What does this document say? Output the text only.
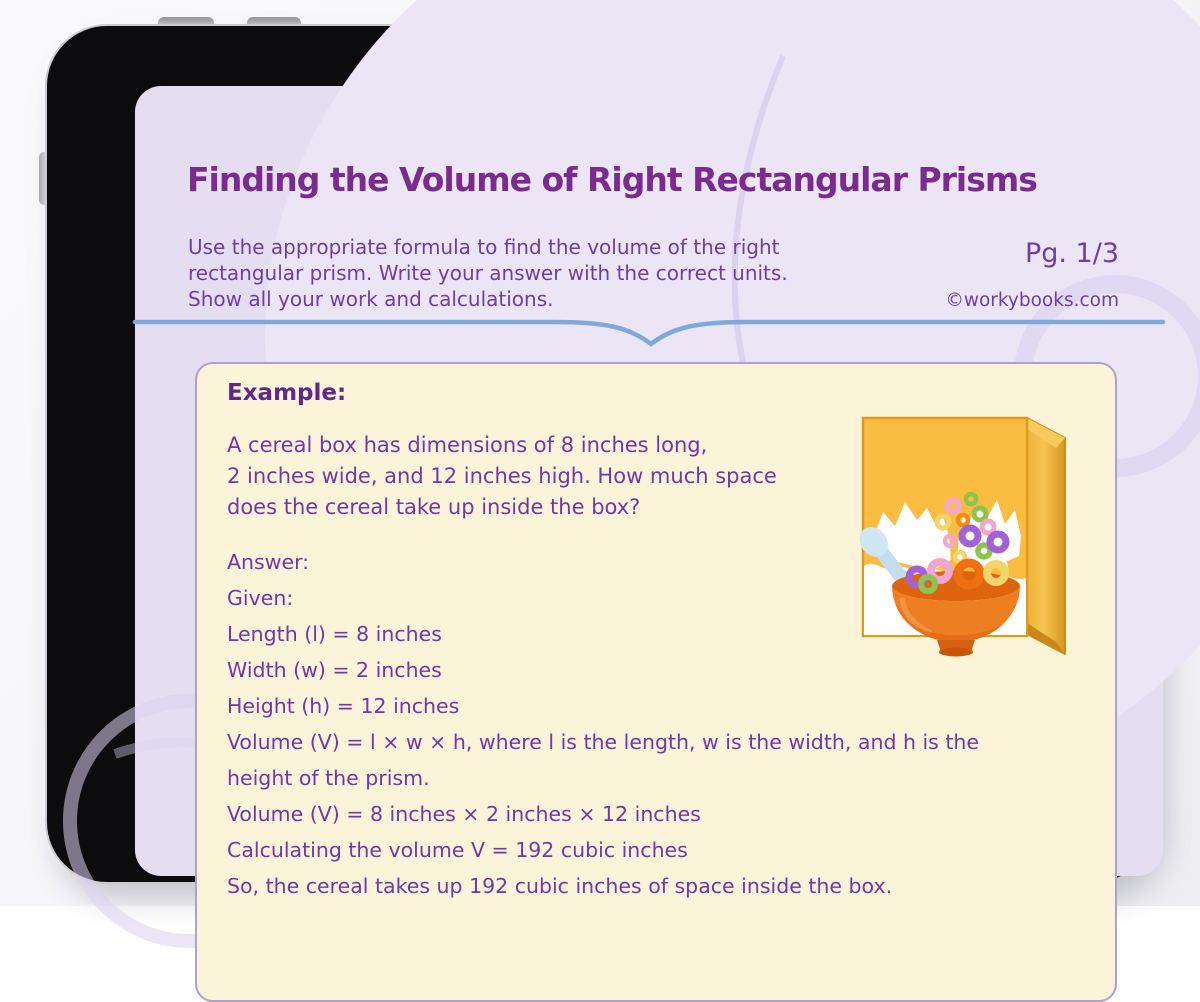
Finding the Volume of Right Rectangular Prisms
Use the appropriate formula to find the volume of the right
rectangular prism. Write your answer with the correct units.
Show all your work and calculations.
Pg. 1/3
©workybooks.com
Example:
A cereal box has dimensions of 8 inches long,
2 inches wide, and 12 inches high. How much space
does the cereal take up inside the box?
Answer:
Given:
Length (l) = 8 inches
Width (w) = 2 inches
Height (h) = 12 inches
Volume (V) = l × w × h, where l is the length, w is the width, and h is the
height of the prism.
Volume (V) = 8 inches × 2 inches × 12 inches
Calculating the volume V = 192 cubic inches
So, the cereal takes up 192 cubic inches of space inside the box.
